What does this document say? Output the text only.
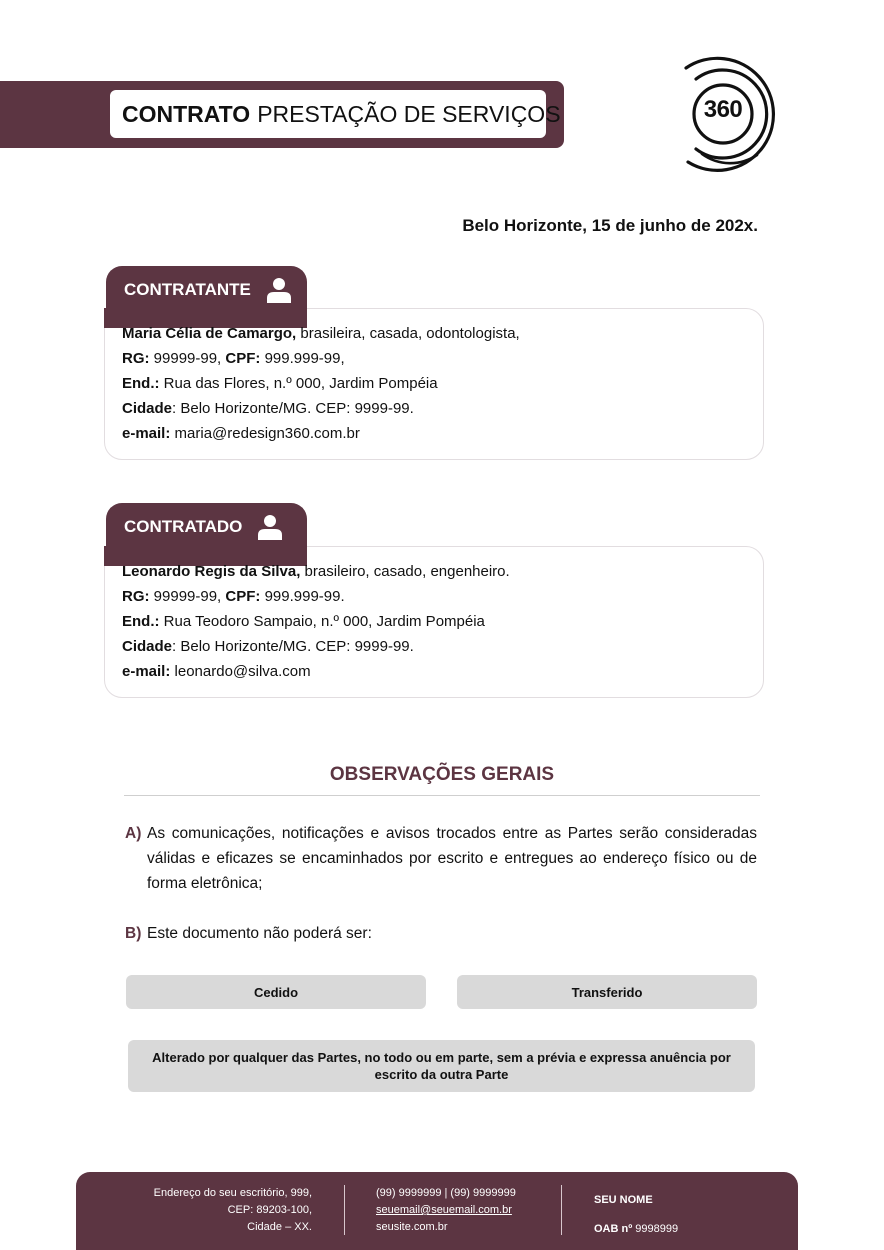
CONTRATO PRESTAÇÃO DE SERVIÇOS	360
Belo Horizonte, 15 de junho de 202x.
CONTRATANTE
Maria Célia de Camargo, brasileira, casada, odontologista,
RG: 99999-99, CPF: 999.999-99,
End.: Rua das Flores, n.º 000, Jardim Pompéia
Cidade: Belo Horizonte/MG. CEP: 9999-99.
e-mail: maria@redesign360.com.br
CONTRATADO
Leonardo Regis da Silva, brasileiro, casado, engenheiro.
RG: 99999-99, CPF: 999.999-99.
End.: Rua Teodoro Sampaio, n.º 000, Jardim Pompéia
Cidade: Belo Horizonte/MG. CEP: 9999-99.
e-mail: leonardo@silva.com
OBSERVAÇÕES GERAIS
A) As comunicações, notificações e avisos trocados entre as Partes serão consideradas válidas e eficazes se encaminhados por escrito e entregues ao endereço físico ou de forma eletrônica;
B) Este documento não poderá ser:
Cedido	Transferido
Alterado por qualquer das Partes, no todo ou em parte, sem a prévia e expressa anuência por escrito da outra Parte
Endereço do seu escritório, 999,
CEP: 89203-100,
Cidade – XX.
(99) 9999999 | (99) 9999999
seuemail@seuemail.com.br
seusite.com.br
SEU NOME
OAB nº 9998999
